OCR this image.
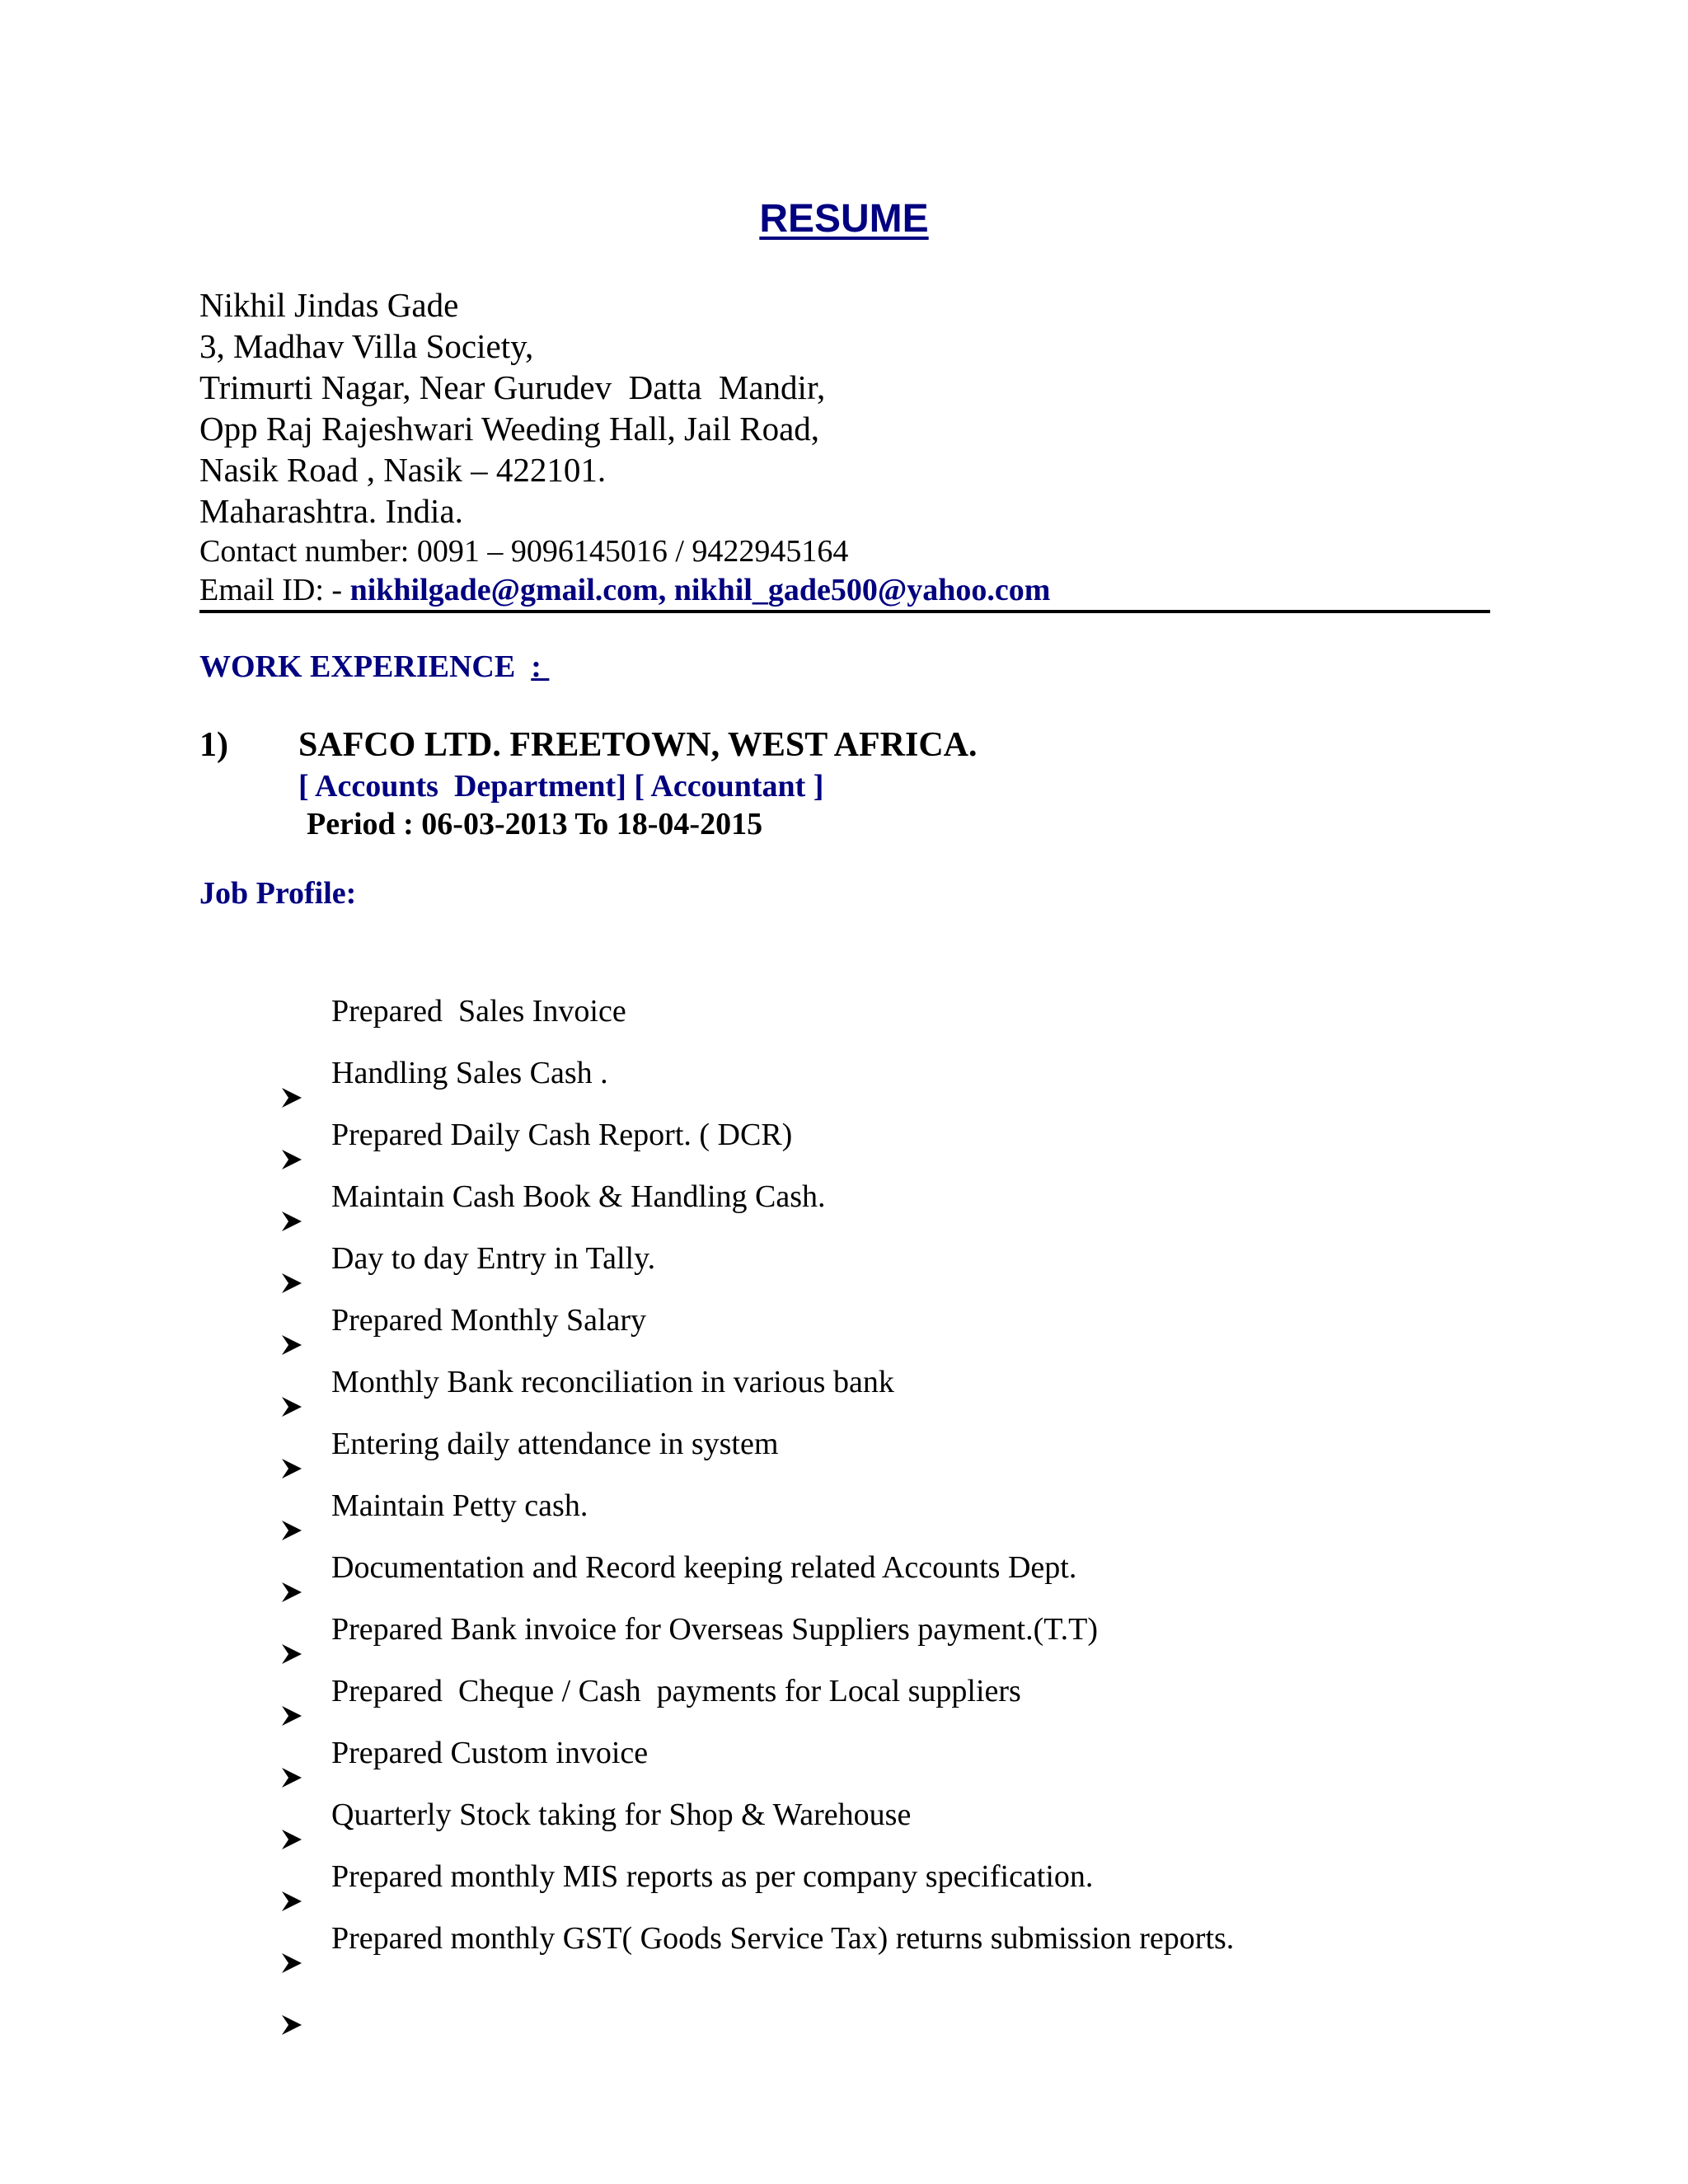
RESUME
Nikhil Jindas Gade
3, Madhav Villa Society,
Trimurti Nagar, Near Gurudev  Datta  Mandir,
Opp Raj Rajeshwari Weeding Hall, Jail Road,
Nasik Road , Nasik – 422101.
Maharashtra. India.
Contact number: 0091 – 9096145016 / 9422945164
Email ID: - nikhilgade@gmail.com, nikhil_gade500@yahoo.com
WORK EXPERIENCE  :
1) SAFCO LTD. FREETOWN, WEST AFRICA.
[ Accounts  Department] [ Accountant ]
Period : 06-03-2013 To 18-04-2015
Job Profile:

Prepared  Sales Invoice

Handling Sales Cash .

Prepared Daily Cash Report. ( DCR)

Maintain Cash Book & Handling Cash.

Day to day Entry in Tally.

Prepared Monthly Salary

Monthly Bank reconciliation in various bank

Entering daily attendance in system

Maintain Petty cash.

Documentation and Record keeping related Accounts Dept.

Prepared Bank invoice for Overseas Suppliers payment.(T.T)

Prepared  Cheque / Cash  payments for Local suppliers

Prepared Custom invoice

Quarterly Stock taking for Shop & Warehouse

Prepared monthly MIS reports as per company specification.

Prepared monthly GST( Goods Service Tax) returns submission reports.
